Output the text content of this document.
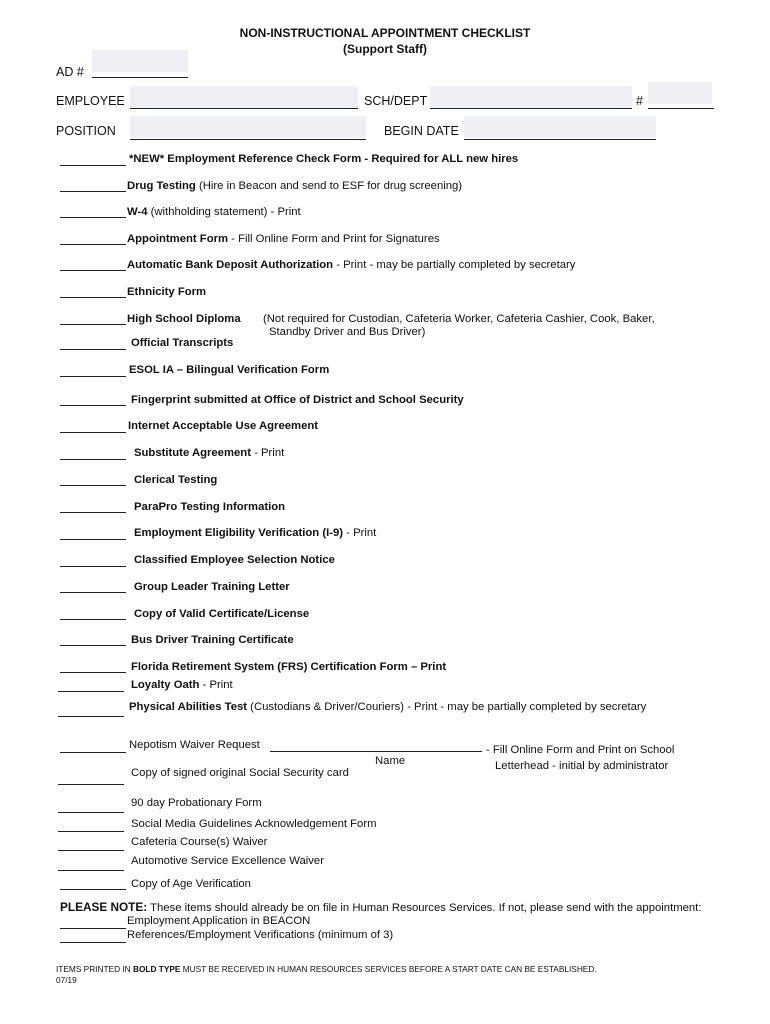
NON-INSTRUCTIONAL APPOINTMENT CHECKLIST
(Support Staff)
AD #
EMPLOYEE	SCH/DEPT	#
POSITION	BEGIN DATE
*NEW* Employment Reference Check Form - Required for ALL new hires
Drug Testing (Hire in Beacon and send to ESF for drug screening)
W-4 (withholding statement) - Print
Appointment Form - Fill Online Form and Print for Signatures
Automatic Bank Deposit Authorization - Print - may be partially completed by secretary
Ethnicity Form
High School Diploma (Not required for Custodian, Cafeteria Worker, Cafeteria Cashier, Cook, Baker,
Standby Driver and Bus Driver)
Official Transcripts
ESOL IA – Bilingual Verification Form
Fingerprint submitted at Office of District and School Security
Internet Acceptable Use Agreement
Substitute Agreement - Print
Clerical Testing
ParaPro Testing Information
Employment Eligibility Verification (I-9) - Print
Classified Employee Selection Notice
Group Leader Training Letter
Copy of Valid Certificate/License
Bus Driver Training Certificate
Florida Retirement System (FRS) Certification Form – Print
Loyalty Oath - Print
Physical Abilities Test (Custodians & Driver/Couriers) - Print - may be partially completed by secretary
Nepotism Waiver Request
Name
- Fill Online Form and Print on School
Letterhead - initial by administrator
Copy of signed original Social Security card
90 day Probationary Form
Social Media Guidelines Acknowledgement Form
Cafeteria Course(s) Waiver
Automotive Service Excellence Waiver
Copy of Age Verification
PLEASE NOTE: These items should already be on file in Human Resources Services. If not, please send with the appointment:
Employment Application in BEACON
References/Employment Verifications (minimum of 3)
ITEMS PRINTED IN BOLD TYPE MUST BE RECEIVED IN HUMAN RESOURCES SERVICES BEFORE A START DATE CAN BE ESTABLISHED.
07/19
